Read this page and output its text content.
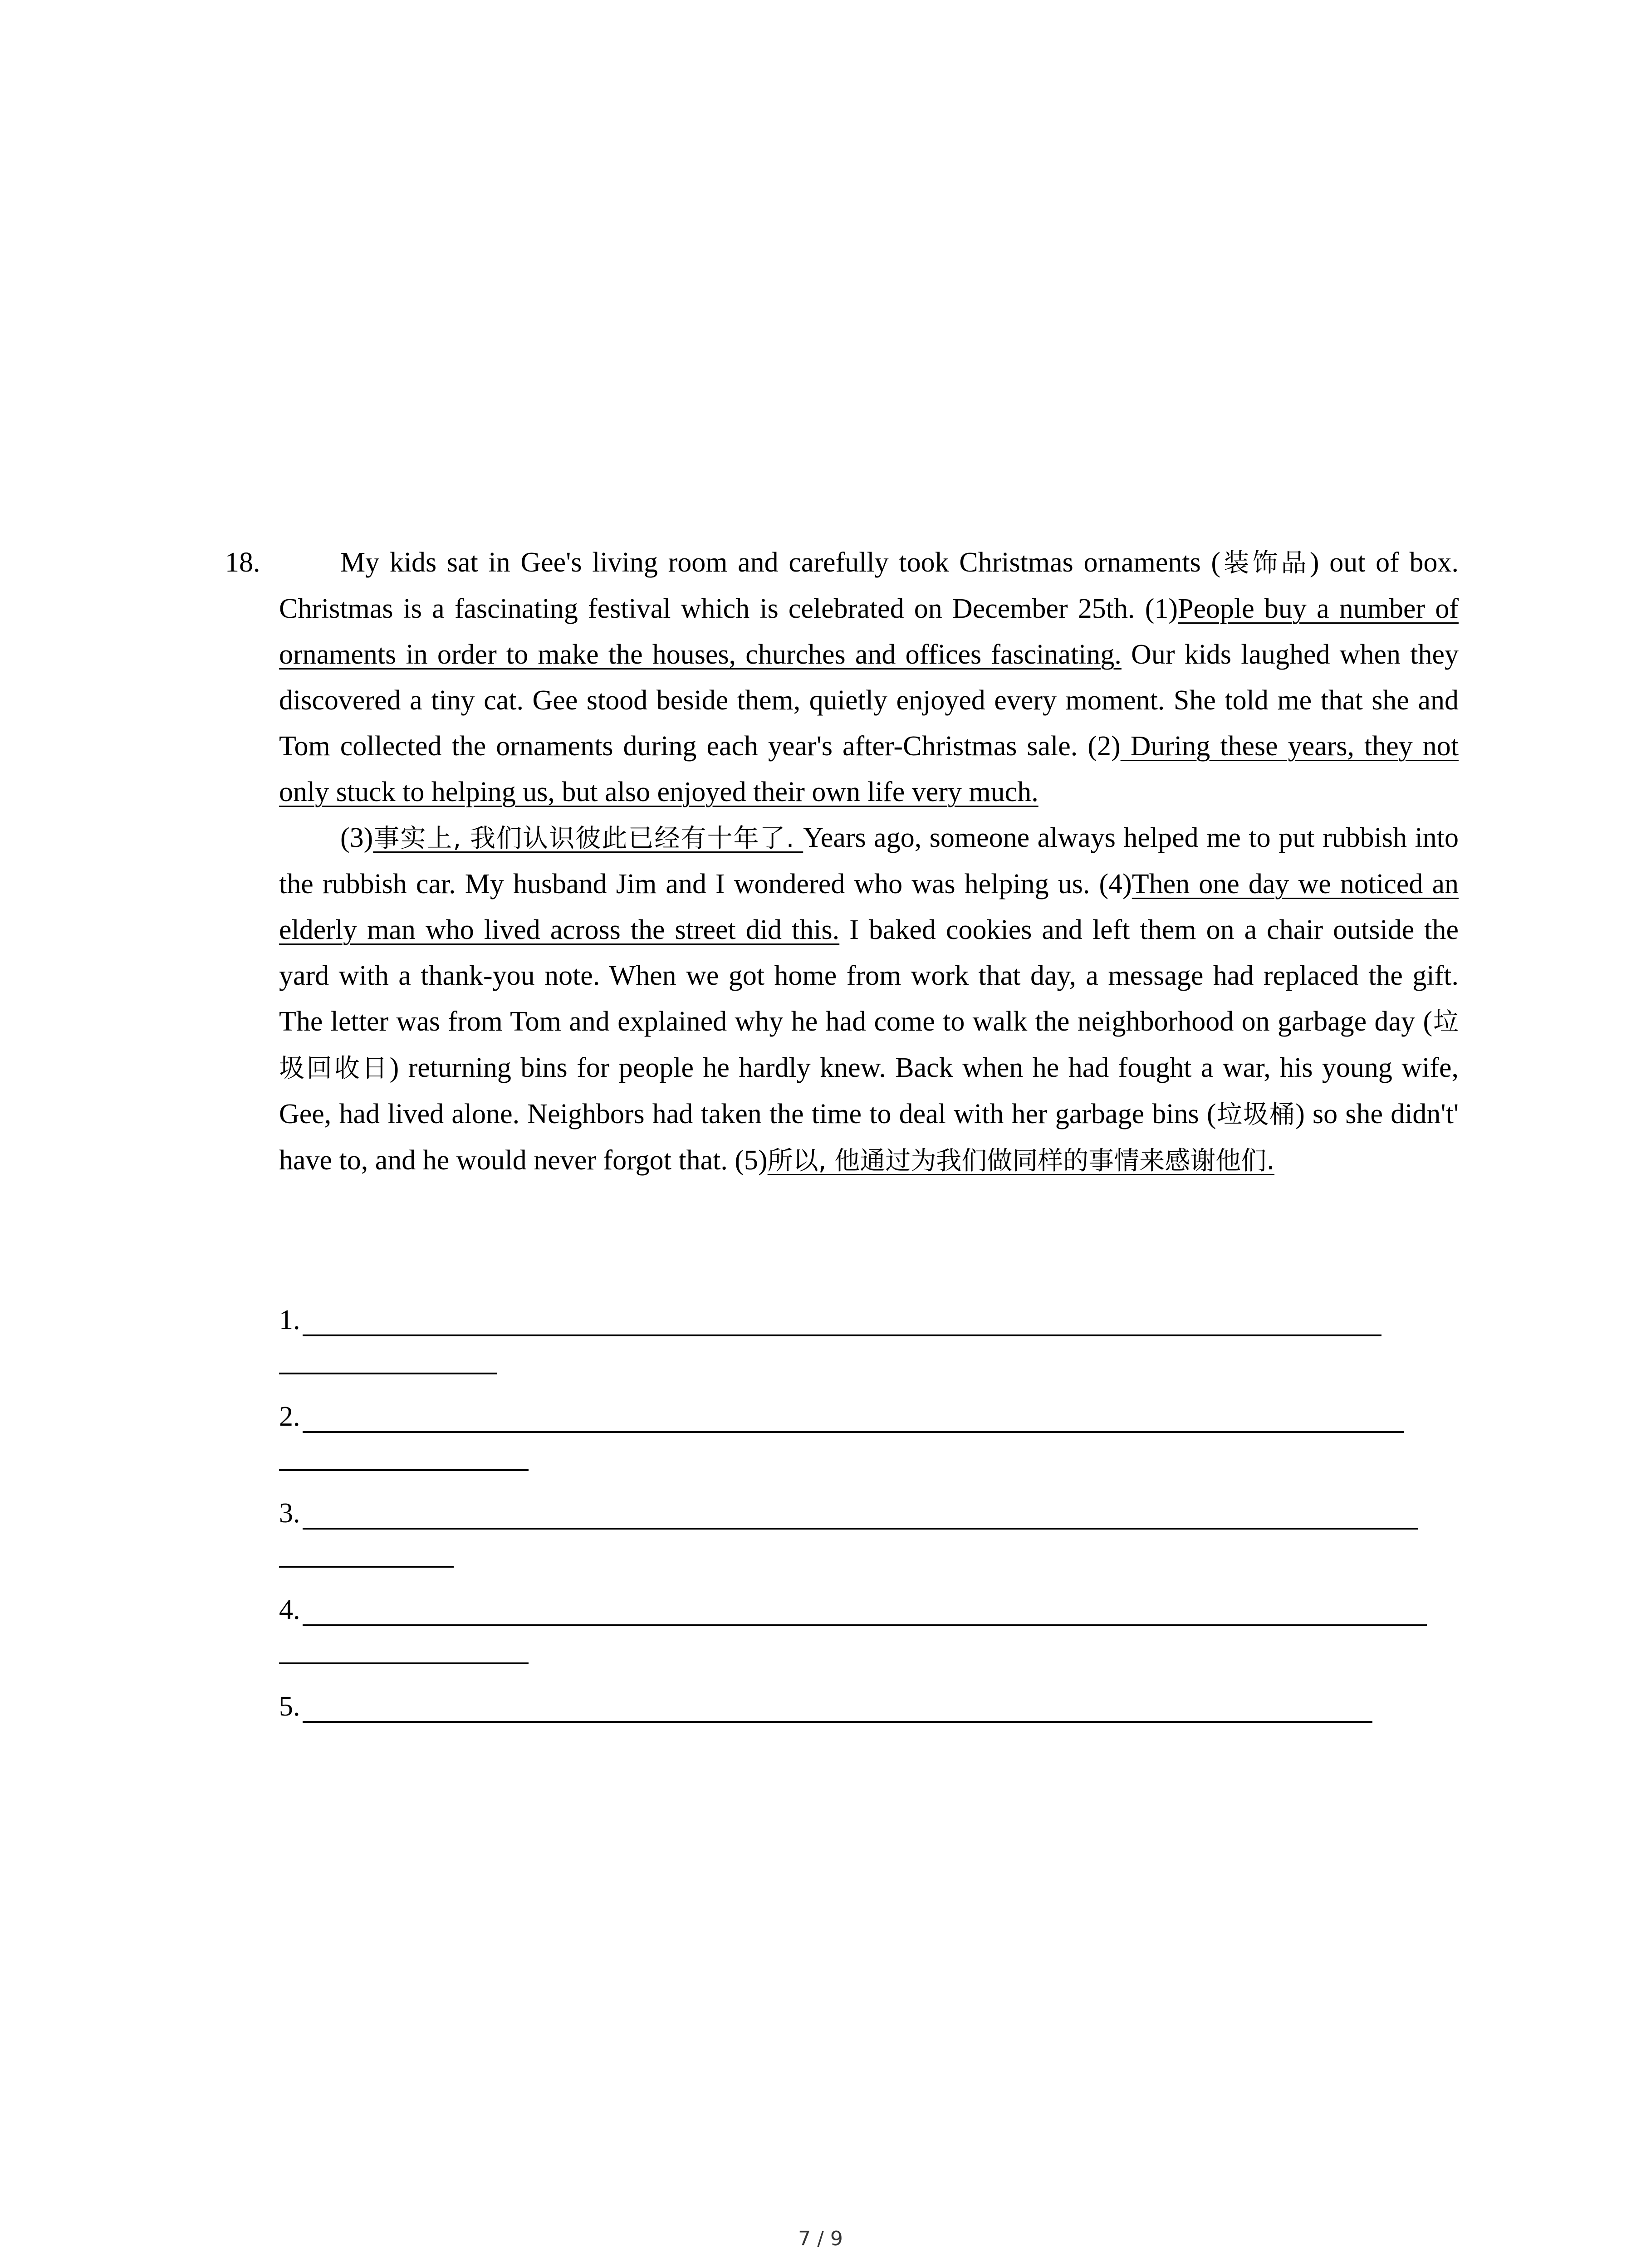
18.	My kids sat in Gee's living room and carefully took Christmas ornaments (装饰品) out of box. Christmas is a fascinating festival which is celebrated on December 25th. (1)People buy a number of ornaments in order to make the houses, churches and offices fascinating. Our kids laughed when they discovered a tiny cat. Gee stood beside them, quietly enjoyed every moment. She told me that she and Tom collected the ornaments during each year's after-Christmas sale. (2) During these years, they not only stuck to helping us, but also enjoyed their own life very much.

(3)事实上, 我们认识彼此已经有十年了. Years ago, someone always helped me to put rubbish into the rubbish car. My husband Jim and I wondered who was helping us. (4)Then one day we noticed an elderly man who lived across the street did this. I baked cookies and left them on a chair outside the yard with a thank-you note. When we got home from work that day, a message had replaced the gift. The letter was from Tom and explained why he had come to walk the neighborhood on garbage day (垃圾回收日) returning bins for people he hardly knew. Back when he had fought a war, his young wife, Gee, had lived alone. Neighbors had taken the time to deal with her garbage bins (垃圾桶) so she didn't' have to, and he would never forgot that. (5)所以, 他通过为我们做同样的事情来感谢他们.

1.
2.
3.
4.
5.
7 / 9
